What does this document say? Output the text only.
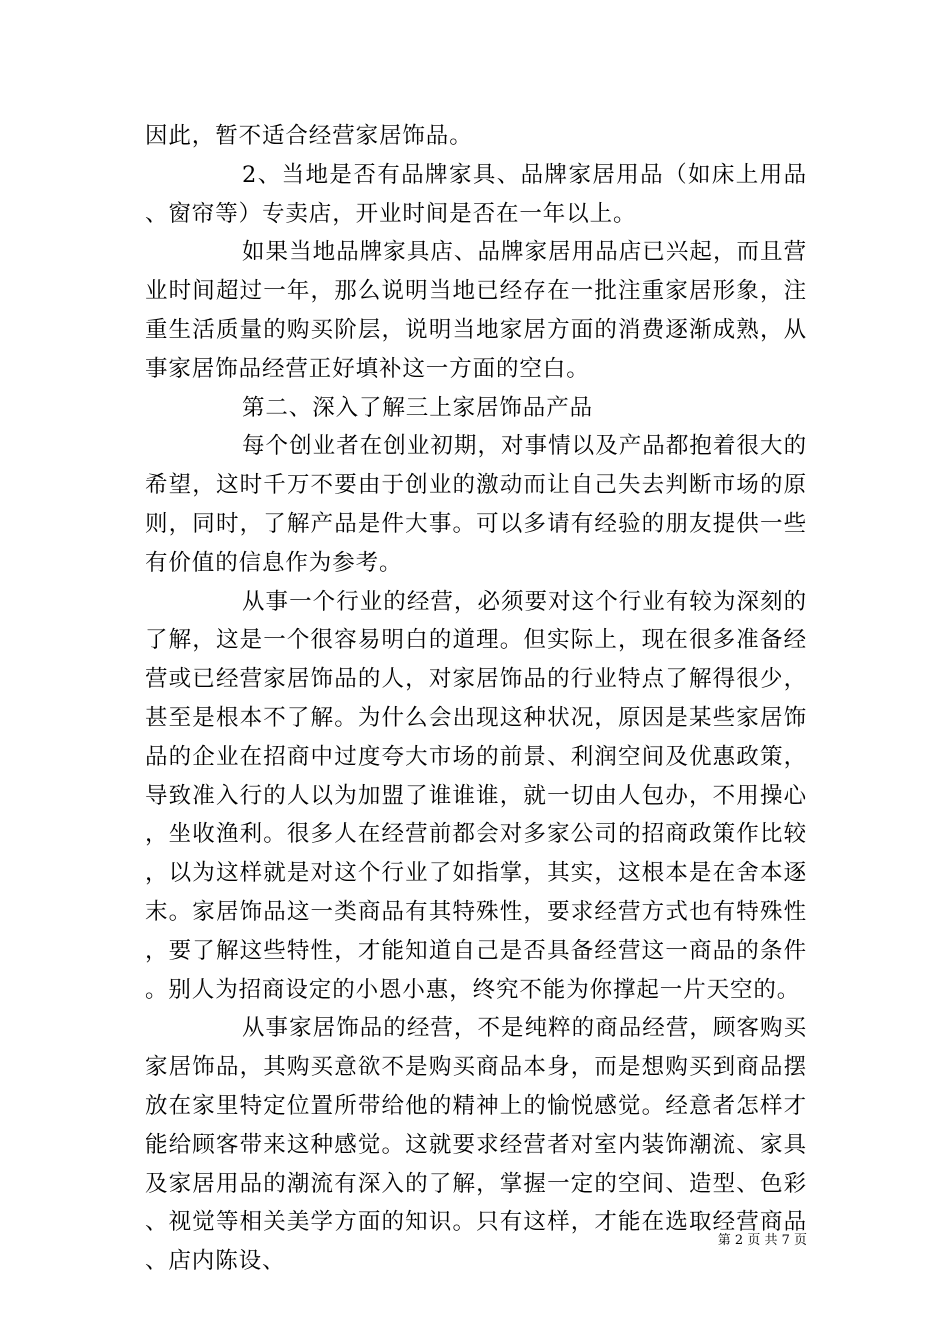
因此，暂不适合经营家居饰品。

2、当地是否有品牌家具、品牌家居用品（如床上用品、窗帘等）专卖店，开业时间是否在一年以上。

如果当地品牌家具店、品牌家居用品店已兴起，而且营业时间超过一年，那么说明当地已经存在一批注重家居形象，注重生活质量的购买阶层，说明当地家居方面的消费逐渐成熟，从事家居饰品经营正好填补这一方面的空白。

第二、深入了解三上家居饰品产品

每个创业者在创业初期，对事情以及产品都抱着很大的希望，这时千万不要由于创业的激动而让自己失去判断市场的原则，同时，了解产品是件大事。可以多请有经验的朋友提供一些有价值的信息作为参考。

从事一个行业的经营，必须要对这个行业有较为深刻的了解，这是一个很容易明白的道理。但实际上，现在很多准备经营或已经营家居饰品的人，对家居饰品的行业特点了解得很少，甚至是根本不了解。为什么会出现这种状况，原因是某些家居饰品的企业在招商中过度夸大市场的前景、利润空间及优惠政策，导致准入行的人以为加盟了谁谁谁，就一切由人包办，不用操心，坐收渔利。很多人在经营前都会对多家公司的招商政策作比较，以为这样就是对这个行业了如指掌，其实，这根本是在舍本逐末。家居饰品这一类商品有其特殊性，要求经营方式也有特殊性，要了解这些特性，才能知道自己是否具备经营这一商品的条件。别人为招商设定的小恩小惠，终究不能为你撑起一片天空的。

从事家居饰品的经营，不是纯粹的商品经营，顾客购买家居饰品，其购买意欲不是购买商品本身，而是想购买到商品摆放在家里特定位置所带给他的精神上的愉悦感觉。经意者怎样才能给顾客带来这种感觉。这就要求经营者对室内装饰潮流、家具及家居用品的潮流有深入的了解，掌握一定的空间、造型、色彩、视觉等相关美学方面的知识。只有这样，才能在选取经营商品、店内陈设、

第 2 页 共 7 页
